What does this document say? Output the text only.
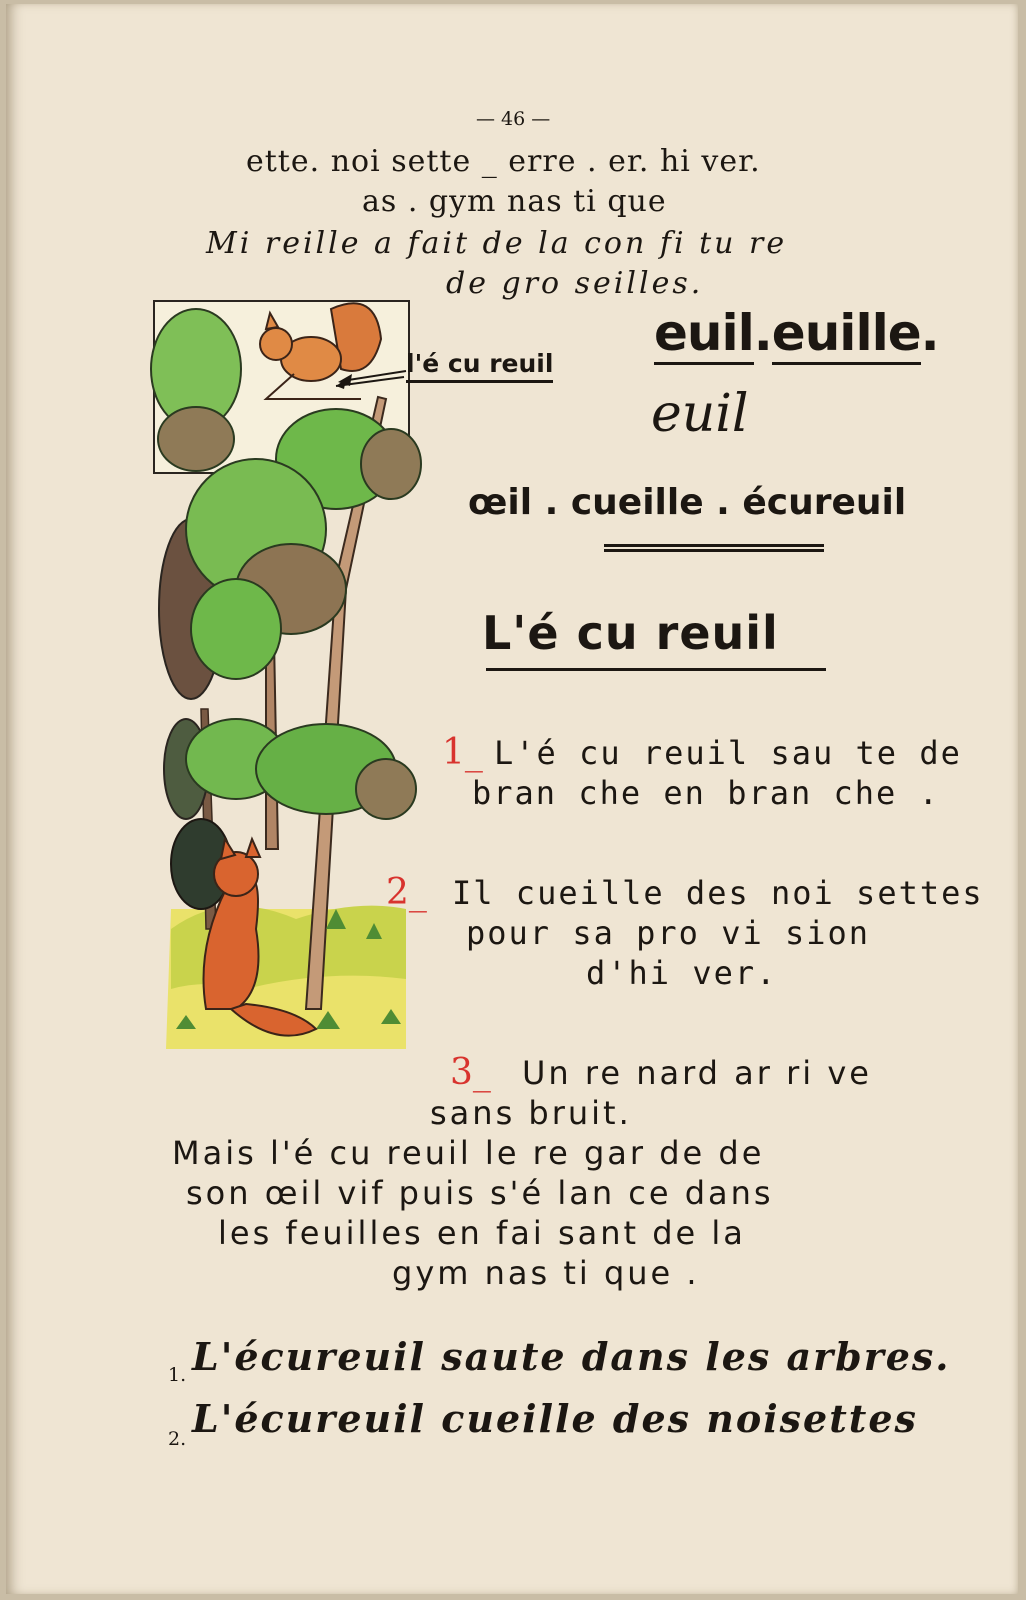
— 46 —
ette. noi sette _ erre . er. hi ver.
as . gym nas ti que
Mi reille a fait de la con fi tu re
de gro seilles.
l'é cu reuil
euil.euille.
euil
œil . cueille . écureuil
L'é cu reuil
1_ L'é cu reuil sau te de
bran che en bran che .
2_ Il cueille des noi settes
pour sa pro vi sion
d'hi ver.
3_ Un re nard ar ri ve
sans bruit.
Mais l'é cu reuil le re gar de de
son œil vif puis s'é lan ce dans
les feuilles en fai sant de la
gym nas ti que .
1. L'écureuil saute dans les arbres.
2. L'écureuil cueille des noisettes
